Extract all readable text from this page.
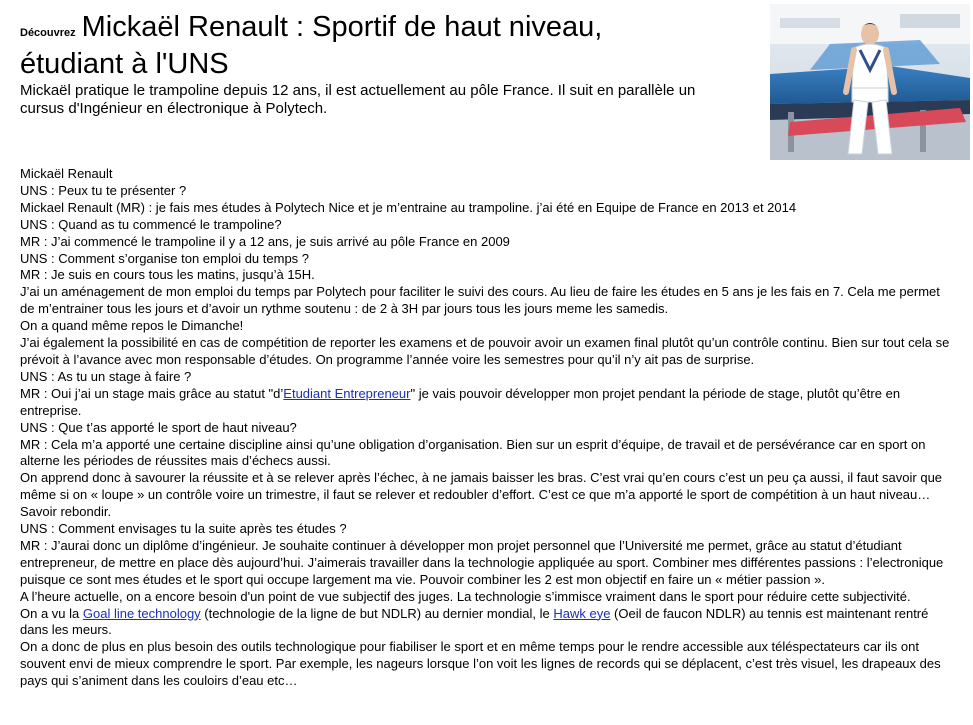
Découvrez Mickaël Renault : Sportif de haut niveau,
étudiant à l'UNS
Mickaël pratique le trampoline depuis 12 ans, il est actuellement au pôle France. Il suit en parallèle un cursus d'Ingénieur en électronique à Polytech.

Mickaël Renault

UNS : Peux tu te présenter ?

Mickael Renault (MR) : je fais mes études à Polytech Nice et je m’entraine au trampoline. j’ai été en Equipe de France en 2013 et 2014

UNS : Quand as tu commencé le trampoline?

MR : J’ai commencé le trampoline il y a 12 ans, je suis arrivé au pôle France en 2009

UNS : Comment s’organise ton emploi du temps ?

MR : Je suis en cours tous les matins, jusqu’à 15H.

J’ai un aménagement de mon emploi du temps par Polytech pour faciliter le suivi des cours. Au lieu de faire les études en 5 ans je les fais en 7. Cela me permet de m’entrainer tous les jours et d’avoir un rythme soutenu : de 2 à 3H par jours tous les jours meme les samedis.

On a quand même repos le Dimanche!

J’ai également la possibilité en cas de compétition de reporter les examens et de pouvoir avoir un examen final plutôt qu’un contrôle continu. Bien sur tout cela se prévoit à l’avance avec mon responsable d’études. On programme l’année voire les semestres pour qu’il n’y ait pas de surprise.

UNS : As tu un stage à faire ?

MR : Oui j’ai un stage mais grâce au statut "d’Etudiant Entrepreneur" je vais pouvoir développer mon projet pendant la période de stage, plutôt qu’être en entreprise.

UNS : Que t’as apporté le sport de haut niveau?

MR : Cela m’a apporté une certaine discipline ainsi qu’une obligation d’organisation. Bien sur un esprit d’équipe, de travail et de persévérance car en sport on alterne les périodes de réussites mais d’échecs aussi.

On apprend donc à savourer la réussite et à se relever après l’échec, à ne jamais baisser les bras. C’est vrai qu’en cours c’est un peu ça aussi, il faut savoir que même si on « loupe » un contrôle voire un trimestre, il faut se relever et redoubler d’effort. C’est ce que m’a apporté le sport de compétition à un haut niveau… Savoir rebondir.

UNS : Comment envisages tu la suite après tes études ?

MR : J’aurai donc un diplôme d’ingénieur. Je souhaite continuer à développer mon projet personnel que l’Université me permet, grâce au statut d’étudiant entrepreneur, de mettre en place dès aujourd’hui. J’aimerais travailler dans la technologie appliquée au sport. Combiner mes différentes passions : l’electronique puisque ce sont mes études et le sport qui occupe largement ma vie. Pouvoir combiner les 2 est mon objectif en faire un « métier passion ».

A l’heure actuelle, on a encore besoin d'un point de vue subjectif des juges. La technologie s’immisce vraiment dans le sport pour réduire cette subjectivité.

On a vu la Goal line technology (technologie de la ligne de but NDLR) au dernier mondial, le Hawk eye (Oeil de faucon NDLR) au tennis est maintenant rentré dans les meurs.

On a donc de plus en plus besoin des outils technologique pour fiabiliser le sport et en même temps pour le rendre accessible aux téléspectateurs car ils ont souvent envi de mieux comprendre le sport. Par exemple, les nageurs lorsque l’on voit les lignes de records qui se déplacent, c’est très visuel, les drapeaux des pays qui s’animent dans les couloirs d’eau etc…
